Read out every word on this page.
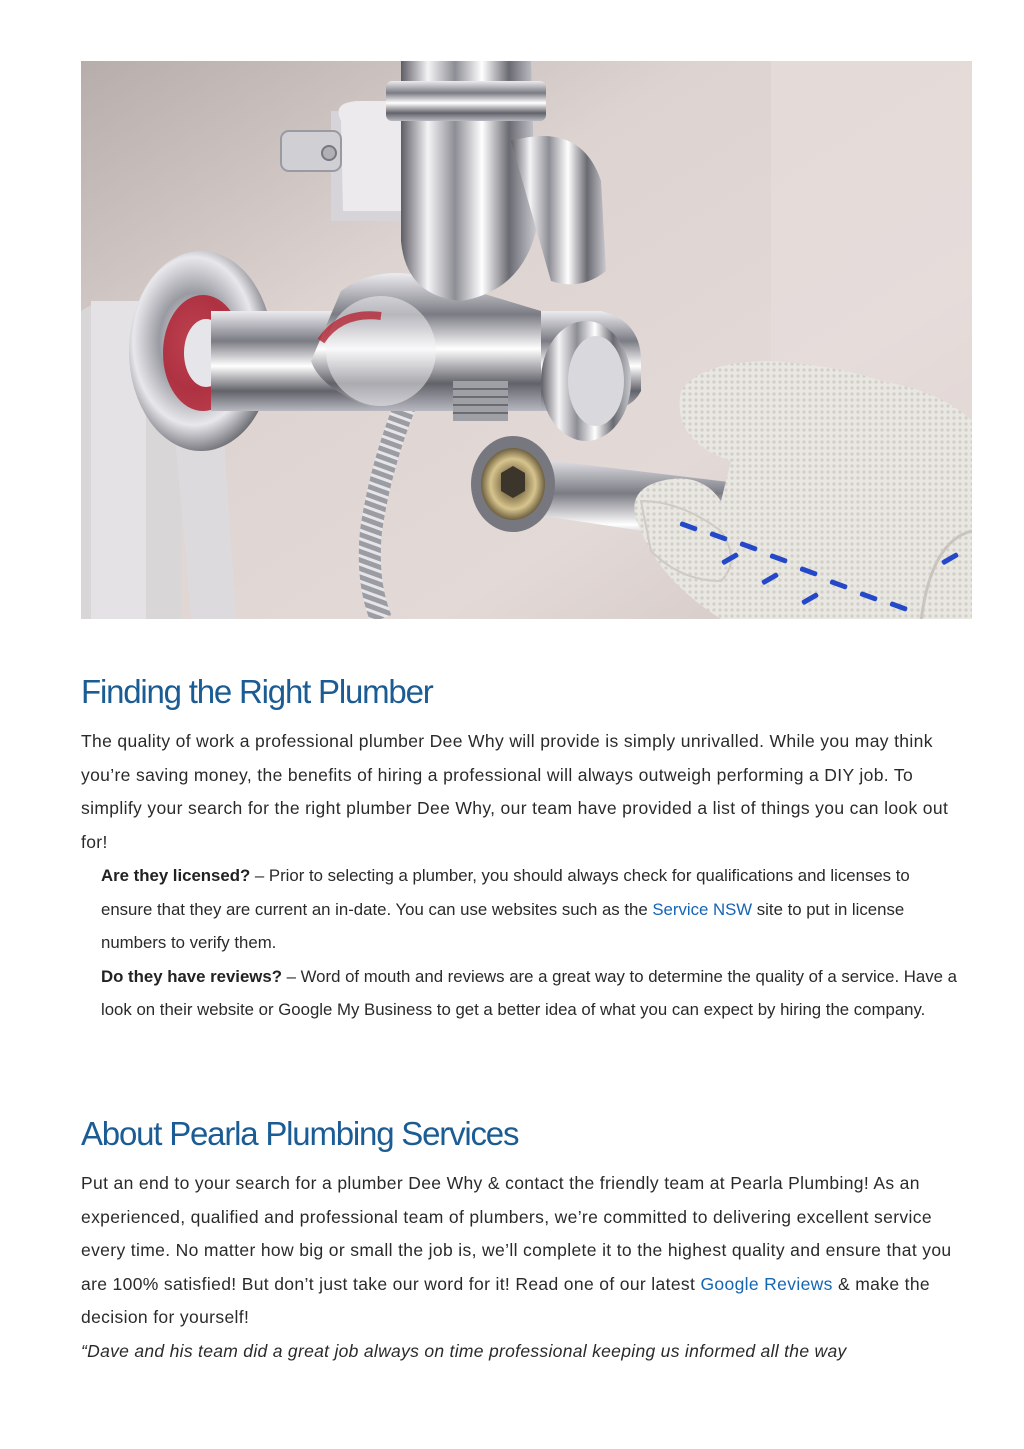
Finding the Right Plumber

The quality of work a professional plumber Dee Why will provide is simply unrivalled. While you may think you’re saving money, the benefits of hiring a professional will always outweigh performing a DIY job. To simplify your search for the right plumber Dee Why, our team have provided a list of things you can look out for!

Are they licensed? – Prior to selecting a plumber, you should always check for qualifications and licenses to ensure that they are current an in-date. You can use websites such as the Service NSW site to put in license numbers to verify them.
Do they have reviews? – Word of mouth and reviews are a great way to determine the quality of a service. Have a look on their website or Google My Business to get a better idea of what you can expect by hiring the company.
About Pearla Plumbing Services

Put an end to your search for a plumber Dee Why & contact the friendly team at Pearla Plumbing! As an experienced, qualified and professional team of plumbers, we’re committed to delivering excellent service every time. No matter how big or small the job is, we’ll complete it to the highest quality and ensure that you are 100% satisfied! But don’t just take our word for it! Read one of our latest Google Reviews & make the decision for yourself!

“Dave and his team did a great job always on time professional keeping us informed all the way
